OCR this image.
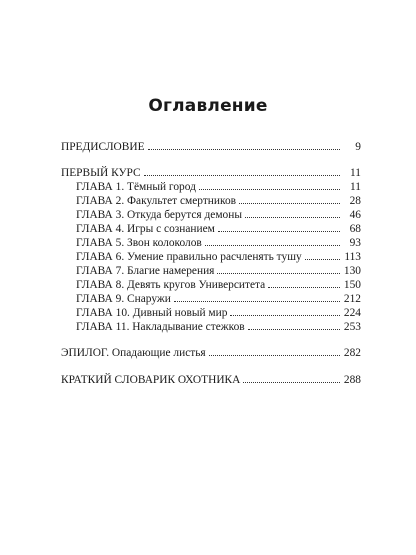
Оглавление
ПРЕДИСЛОВИЕ	9
ПЕРВЫЙ КУРС	11
ГЛАВА 1. Тёмный город	11
ГЛАВА 2. Факультет смертников	28
ГЛАВА 3. Откуда берутся демоны	46
ГЛАВА 4. Игры с сознанием	68
ГЛАВА 5. Звон колоколов	93
ГЛАВА 6. Умение правильно расчленять тушу	113
ГЛАВА 7. Благие намерения	130
ГЛАВА 8. Девять кругов Университета	150
ГЛАВА 9. Снаружи	212
ГЛАВА 10. Дивный новый мир	224
ГЛАВА 11. Накладывание стежков	253
ЭПИЛОГ. Опадающие листья	282
КРАТКИЙ СЛОВАРИК ОХОТНИКА	288
